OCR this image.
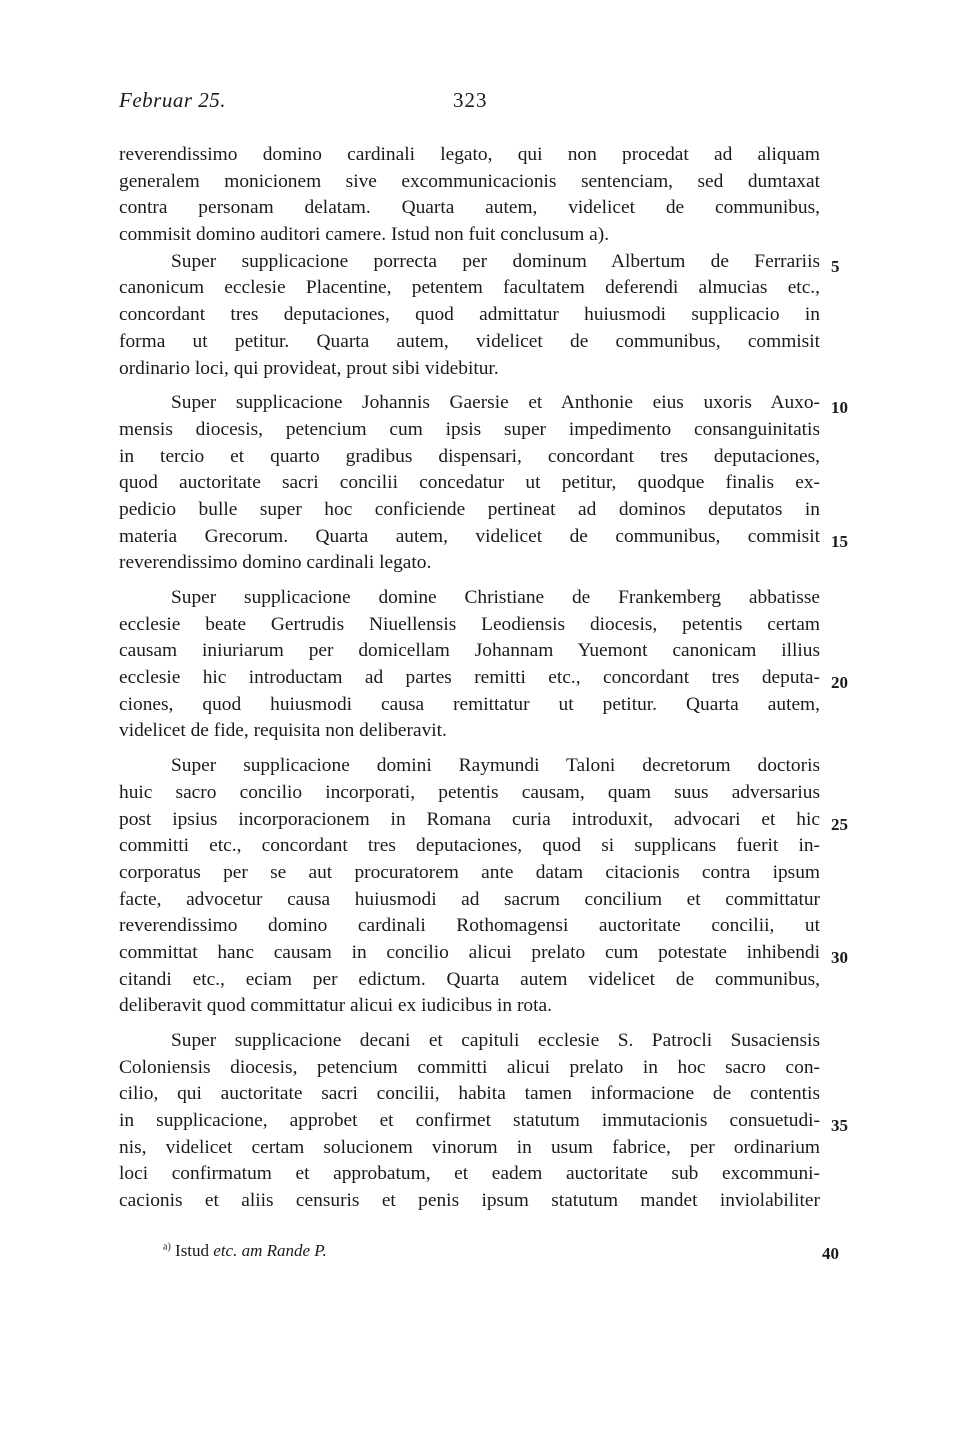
Februar 25.	323
reverendissimo domino cardinali legato, qui non procedat ad aliquam
generalem monicionem sive excommunicacionis sentenciam, sed dumtaxat
contra personam delatam. Quarta autem, videlicet de communibus,
commisit domino auditori camere. Istud non fuit conclusum a).
Super supplicacione porrecta per dominum Albertum de Ferrariis
canonicum ecclesie Placentine, petentem facultatem deferendi almucias etc.,
concordant tres deputaciones, quod admittatur huiusmodi supplicacio in
forma ut petitur. Quarta autem, videlicet de communibus, commisit
ordinario loci, qui provideat, prout sibi videbitur.
Super supplicacione Johannis Gaersie et Anthonie eius uxoris Auxo-
mensis diocesis, petencium cum ipsis super impedimento consanguinitatis
in tercio et quarto gradibus dispensari, concordant tres deputaciones,
quod auctoritate sacri concilii concedatur ut petitur, quodque finalis ex-
pedicio bulle super hoc conficiende pertineat ad dominos deputatos in
materia Grecorum. Quarta autem, videlicet de communibus, commisit
reverendissimo domino cardinali legato.
Super supplicacione domine Christiane de Frankemberg abbatisse
ecclesie beate Gertrudis Niuellensis Leodiensis diocesis, petentis certam
causam iniuriarum per domicellam Johannam Yuemont canonicam illius
ecclesie hic introductam ad partes remitti etc., concordant tres deputa-
ciones, quod huiusmodi causa remittatur ut petitur. Quarta autem,
videlicet de fide, requisita non deliberavit.
Super supplicacione domini Raymundi Taloni decretorum doctoris
huic sacro concilio incorporati, petentis causam, quam suus adversarius
post ipsius incorporacionem in Romana curia introduxit, advocari et hic
committi etc., concordant tres deputaciones, quod si supplicans fuerit in-
corporatus per se aut procuratorem ante datam citacionis contra ipsum
facte, advocetur causa huiusmodi ad sacrum concilium et committatur
reverendissimo domino cardinali Rothomagensi auctoritate concilii, ut
committat hanc causam in concilio alicui prelato cum potestate inhibendi
citandi etc., eciam per edictum. Quarta autem videlicet de communibus,
deliberavit quod committatur alicui ex iudicibus in rota.
Super supplicacione decani et capituli ecclesie S. Patrocli Susaciensis
Coloniensis diocesis, petencium committi alicui prelato in hoc sacro con-
cilio, qui auctoritate sacri concilii, habita tamen informacione de contentis
in supplicacione, approbet et confirmet statutum immutacionis consuetudi-
nis, videlicet certam solucionem vinorum in usum fabrice, per ordinarium
loci confirmatum et approbatum, et eadem auctoritate sub excommuni-
cacionis et aliis censuris et penis ipsum statutum mandet inviolabiliter
$^{a)}$ Istud etc. am Rande P.	40
5
10
15
20
25
30
35
